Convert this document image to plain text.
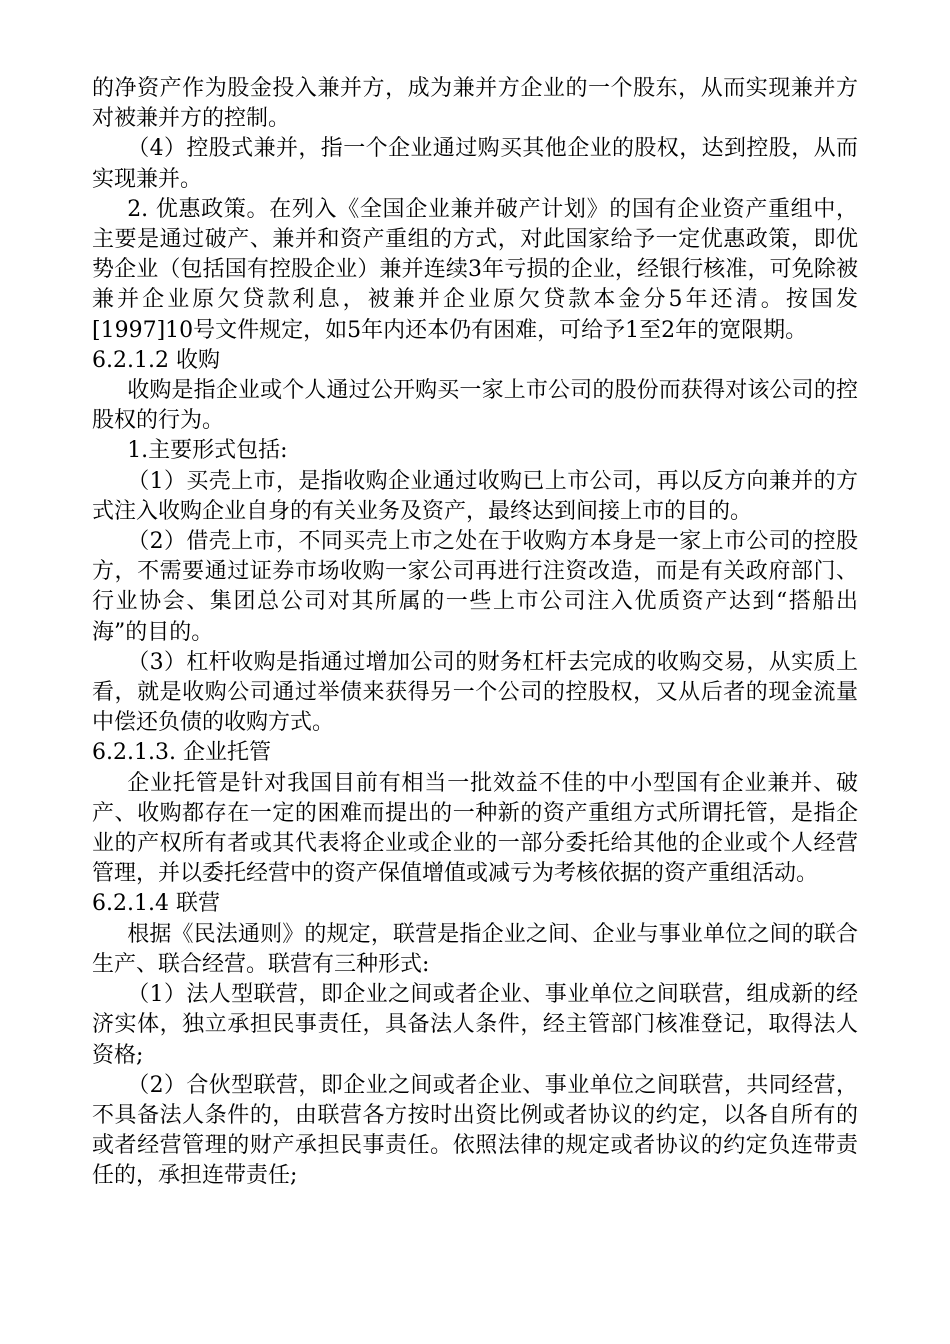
的净资产作为股金投入兼并方，成为兼并方企业的一个股东，从而实现兼并方对被兼并方的控制。

（4）控股式兼并，指一个企业通过购买其他企业的股权，达到控股，从而实现兼并。

2. 优惠政策。在列入《全国企业兼并破产计划》的国有企业资产重组中，主要是通过破产、兼并和资产重组的方式，对此国家给予一定优惠政策，即优势企业（包括国有控股企业）兼并连续3年亏损的企业，经银行核准，可免除被兼并企业原欠贷款利息，被兼并企业原欠贷款本金分5年还清。按国发[1997]10号文件规定，如5年内还本仍有困难，可给予1至2年的宽限期。

6.2.1.2 收购

收购是指企业或个人通过公开购买一家上市公司的股份而获得对该公司的控股权的行为。

1.主要形式包括:

（1）买壳上市，是指收购企业通过收购已上市公司，再以反方向兼并的方式注入收购企业自身的有关业务及资产，最终达到间接上市的目的。

（2）借壳上市，不同买壳上市之处在于收购方本身是一家上市公司的控股方，不需要通过证券市场收购一家公司再进行注资改造，而是有关政府部门、行业协会、集团总公司对其所属的一些上市公司注入优质资产达到“搭船出海”的目的。

（3）杠杆收购是指通过增加公司的财务杠杆去完成的收购交易，从实质上看，就是收购公司通过举债来获得另一个公司的控股权，又从后者的现金流量中偿还负债的收购方式。

6.2.1.3. 企业托管

企业托管是针对我国目前有相当一批效益不佳的中小型国有企业兼并、破产、收购都存在一定的困难而提出的一种新的资产重组方式所谓托管，是指企业的产权所有者或其代表将企业或企业的一部分委托给其他的企业或个人经营管理，并以委托经营中的资产保值增值或减亏为考核依据的资产重组活动。

6.2.1.4 联营

根据《民法通则》的规定，联营是指企业之间、企业与事业单位之间的联合生产、联合经营。联营有三种形式:

（1）法人型联营，即企业之间或者企业、事业单位之间联营，组成新的经济实体，独立承担民事责任，具备法人条件，经主管部门核准登记，取得法人资格;

（2）合伙型联营，即企业之间或者企业、事业单位之间联营，共同经营，不具备法人条件的，由联营各方按时出资比例或者协议的约定，以各自所有的或者经营管理的财产承担民事责任。依照法律的规定或者协议的约定负连带责任的，承担连带责任;
